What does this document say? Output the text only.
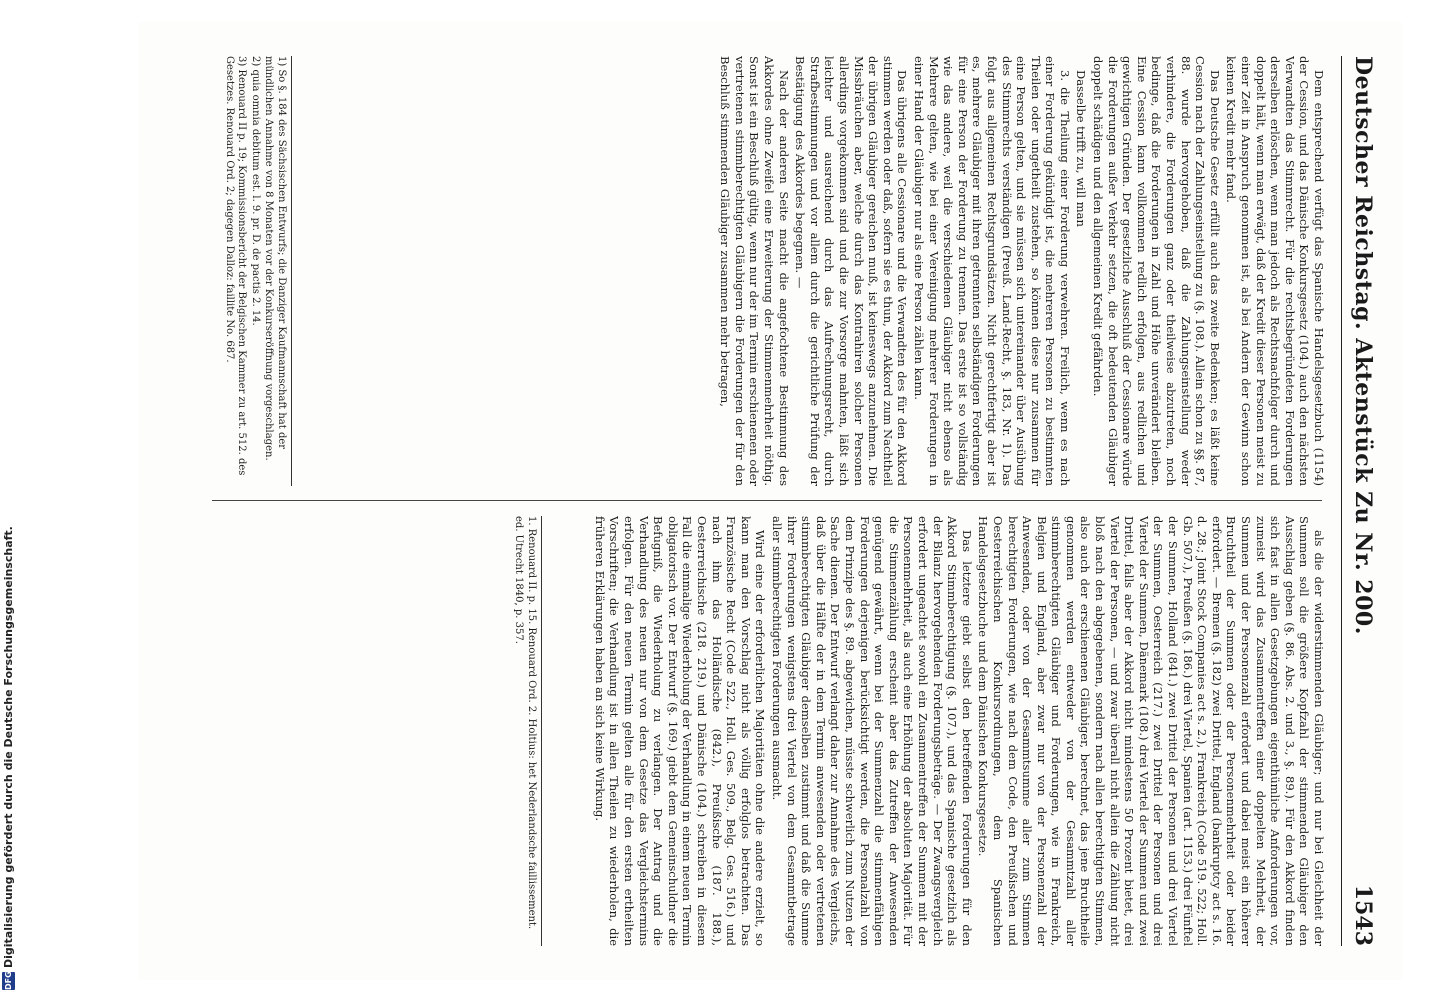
Deutscher Reichstag. Aktenstück Zu Nr. 200.
1543

Dem entsprechend verfügt das Spanische Handelsgesetzbuch (1154) der Cession, und das Dänische Konkursgesetz (104.) auch den nächsten Verwandten das Stimmrecht. Für die rechtsbegründeten Forderungen derselben erlöschen, wenn man jedoch als Rechtsnachfolger durch und doppelt hält, wenn man erwägt, daß der Kredit dieser Personen meist zu einer Zeit in Anspruch genommen ist, als bei Andern der Gewinn schon keinen Kredit mehr fand.

Das Deutsche Gesetz erfüllt auch das zweite Bedenken; es läßt keine Cession nach der Zahlungseinstellung zu (§. 108.). Allein schon zu §§. 87, 88. wurde hervorgehoben, daß die Zahlungseinstellung weder verhindere, die Forderungen ganz oder theilweise abzutreten, noch bedinge, daß die Forderungen in Zahl und Höhe unverändert bleiben. Eine Cession kann vollkommen redlich erfolgen, aus redlichen und gewichtigen Gründen. Der gesetzliche Ausschluß der Cessionare würde die Forderungen außer Verkehr setzen, die oft bedeutenden Gläubiger doppelt schädigen und den allgemeinen Kredit gefährden.

Dasselbe trifft zu, will man

3. die Theilung einer Forderung verwehren. Freilich, wenn es nach einer Forderung gekündigt ist, die mehreren Personen zu bestimmten Theilen oder ungetheilt zustehen, so können diese nur zusammen für eine Person gelten, und sie müssen sich untereinander über Ausübung des Stimmrechts verständigen (Preuß. Land-Recht, §. 183, Nr. 1). Das folgt aus allgemeinen Rechtsgrundsätzen. Nicht gerechtfertigt aber ist es, mehrere Gläubiger mit ihren getrennten selbständigen Forderungen für eine Person der Forderung zu trennen. Das erste ist so vollständig wie das andere, weil die verschiedenen Gläubiger nicht ebenso als Mehrere gelten, wie bei einer Vereinigung mehrerer Forderungen in einer Hand der Gläubiger nur als eine Person zählen kann.

Das übrigens alle Cessionare und die Verwandten des für den Akkord stimmen werden oder daß, sofern sie es thun, der Akkord zum Nachtheil der übrigen Gläubiger gereichen muß, ist keineswegs anzunehmen. Die Missbräuchen aber, welche durch das Kontrahiren solcher Personen allerdings vorgekommen sind und die zur Vorsorge mahnten, läßt sich leichter und ausreichend durch das Aufrechnungsrecht, durch Strafbestimmungen und vor allem durch die gerichtliche Prüfung der Bestätigung des Akkordes begegnen. —

Nach der anderen Seite macht die angefochtene Bestimmung des Akkordes ohne Zweifel eine Erweiterung der Stimmenmehrheit nöthig. Sonst ist ein Beschluß gültig, wenn nur der im Termin erschienenen oder vertretenen stimmberechtigten Gläubigern die Forderungen der für den Beschluß stimmenden Gläubiger zusammen mehr betragen,

als die der widerstimmenden Gläubiger; und nur bei Gleichheit der Summen soll die größere Kopfzahl der stimmenden Gläubiger den Ausschlag geben (§. 86. Abs. 2. und 3., §. 89.). Für den Akkord finden sich fast in allen Gesetzgebungen eigenthümliche Anforderungen vor, zumeist wird das Zusammentreffen einer doppelten Mehrheit, der Summen und der Personenzahl erfordert und dabei meist ein höherer Bruchtheil der Summen oder der Personenmehrheit oder beider erfordert. — Bremen (§. 182) zwei Drittel, England (bankruptcy act s. 16. d. 28.; Joint Stock Companies act s. 2.), Frankreich (Code 519. 522; Holl. Gb. 507.), Preußen (§. 186.) drei Viertel, Spanien (art. 1153.) drei Fünftel der Summen, Holland (841.) zwei Drittel der Personen und drei Viertel der Summen, Oesterreich (217.) zwei Drittel der Personen und drei Viertel der Summen, Dänemark (108.) drei Viertel der Summen und zwei Drittel, falls aber der Akkord nicht mindestens 50 Prozent bietet, drei Viertel der Personen, — und zwar überall nicht allein die Zählung nicht bloß nach den abgegebenen, sondern nach allen berechtigten Stimmen, also auch der erschienenen Gläubiger, berechnet, das jene Bruchtheile genommen werden entweder von der Gesammtzahl aller stimmberechtigten Gläubiger und Forderungen, wie in Frankreich, Belgien und England, aber zwar nur von der Personenzahl der Anwesenden, oder von der Gesammtsumme aller zum Stimmen berechtigten Forderungen, wie nach dem Code, den Preußischen und Oesterreichischen Konkursordnungen, dem Spanischen Handelsgesetzbuche und dem Dänischen Konkursgesetze.

Das letztere giebt selbst den betreffenden Forderungen für den Akkord Stimmberechtigung (§. 107.), und das Spanische gesetzlich als der Bilanz hervorgehenden Forderungsbeträge. — Der Zwangsvergleich erfordert ungeachtet sowohl ein Zusammentreffen der Summen mit der Personenmehrheit, als auch eine Erhöhung der absoluten Majorität. Für die Stimmenzählung erscheint aber das Zutreffen der Anwesenden genügend gewährt, wenn bei der Summenzahl die stimmenfähigen Forderungen derjenigen berücksichtigt werden, die Personalzahl von dem Prinzipe des §. 89. abgewichen, müsste schwerlich zum Nutzen der Sache dienen. Der Entwurf verlangt daher zur Annahme des Vergleichs, daß über die Hälfte der in dem Termin anwesenden oder vertretenen stimmberechtigten Gläubiger demselben zustimmt und daß die Summe ihrer Forderungen wenigstens drei Viertel von dem Gesammtbetrage aller stimmberechtigten Forderungen ausmacht.

Wird eine der erforderlichen Majoritäten ohne die andere erzielt, so kann man den Vorschlag nicht als völlig erfolglos betrachten. Das Französische Recht (Code 522., Holl. Ges. 509., Belg. Ges. 516.) und nach ihm das Holländische (842.), Preußische (187. 188.), Oesterreichische (218. 219.) und Dänische (104.) schreiben in diesem Fall die einmalige Wiederholung der Verhandlung in einem neuen Termin obligatorisch vor. Der Entwurf (§. 169.) giebt dem Gemeinschuldner die Befugniß, die Wiederholung zu verlangen. Der Antrag und die Verhandlung des neuen nur von dem Gesetze das Vergleichstermins erfolgen. Für den neuen Termin gelten alle für den ersten ertheilten Vorschriften; die Verhandlung ist in allen Theilen zu wiederholen, die früheren Erklärungen haben an sich keine Wirkung.

1) So §. 184 des Sächsischen Entwurfs; die Danziger Kaufmannschaft hat der mündlichen Annahme von 8 Monaten vor der Konkurseröffnung vorgeschlagen.

2) quia omnia debitum est. l. 9. pr. D. de pactis 2. 14.

3) Renouard II p. 19; Kommissionsbericht der Belgischen Kammer zu art. 512. des Gesetzes. Renouard Ord. 2; dagegen Dalloz: faillite No. 687.

1. Renouard II. p. 15. Renouard Ord. 2. Holtius: het Nederlandsche faillissement. ed. Utrecht 1840, p. 357.

DFG
Digitalisierung gefördert durch die Deutsche Forschungsgemeinschaft.
